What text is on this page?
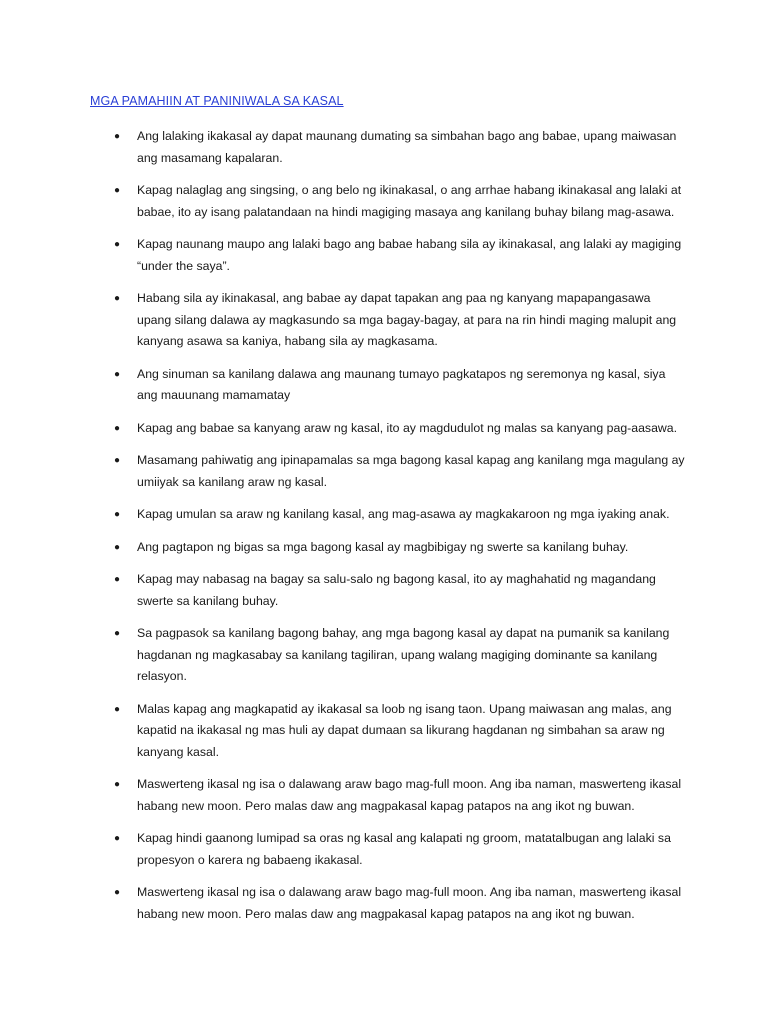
MGA PAMAHIIN AT PANINIWALA SA KASAL
● Ang lalaking ikakasal ay dapat maunang dumating sa simbahan bago ang babae, upang maiwasan ang masamang kapalaran.
● Kapag nalaglag ang singsing, o ang belo ng ikinakasal, o ang arrhae habang ikinakasal ang lalaki at babae, ito ay isang palatandaan na hindi magiging masaya ang kanilang buhay bilang mag-asawa.
● Kapag naunang maupo ang lalaki bago ang babae habang sila ay ikinakasal, ang lalaki ay magiging “under the saya”.
● Habang sila ay ikinakasal, ang babae ay dapat tapakan ang paa ng kanyang mapapangasawa upang silang dalawa ay magkasundo sa mga bagay-bagay, at para na rin hindi maging malupit ang kanyang asawa sa kaniya, habang sila ay magkasama.
● Ang sinuman sa kanilang dalawa ang maunang tumayo pagkatapos ng seremonya ng kasal, siya ang mauunang mamamatay
● Kapag ang babae sa kanyang araw ng kasal, ito ay magdudulot ng malas sa kanyang pag-aasawa.
● Masamang pahiwatig ang ipinapamalas sa mga bagong kasal kapag ang kanilang mga magulang ay umiiyak sa kanilang araw ng kasal.
● Kapag umulan sa araw ng kanilang kasal, ang mag-asawa ay magkakaroon ng mga iyaking anak.
● Ang pagtapon ng bigas sa mga bagong kasal ay magbibigay ng swerte sa kanilang buhay.
● Kapag may nabasag na bagay sa salu-salo ng bagong kasal, ito ay maghahatid ng magandang swerte sa kanilang buhay.
● Sa pagpasok sa kanilang bagong bahay, ang mga bagong kasal ay dapat na pumanik sa kanilang hagdanan ng magkasabay sa kanilang tagiliran, upang walang magiging dominante sa kanilang relasyon.
● Malas kapag ang magkapatid ay ikakasal sa loob ng isang taon. Upang maiwasan ang malas, ang kapatid na ikakasal ng mas huli ay dapat dumaan sa likurang hagdanan ng simbahan sa araw ng kanyang kasal.
● Maswerteng ikasal ng isa o dalawang araw bago mag-full moon. Ang iba naman, maswerteng ikasal habang new moon. Pero malas daw ang magpakasal kapag patapos na ang ikot ng buwan.
● Kapag hindi gaanong lumipad sa oras ng kasal ang kalapati ng groom, matatalbugan ang lalaki sa propesyon o karera ng babaeng ikakasal.
● Maswerteng ikasal ng isa o dalawang araw bago mag-full moon. Ang iba naman, maswerteng ikasal habang new moon. Pero malas daw ang magpakasal kapag patapos na ang ikot ng buwan.
